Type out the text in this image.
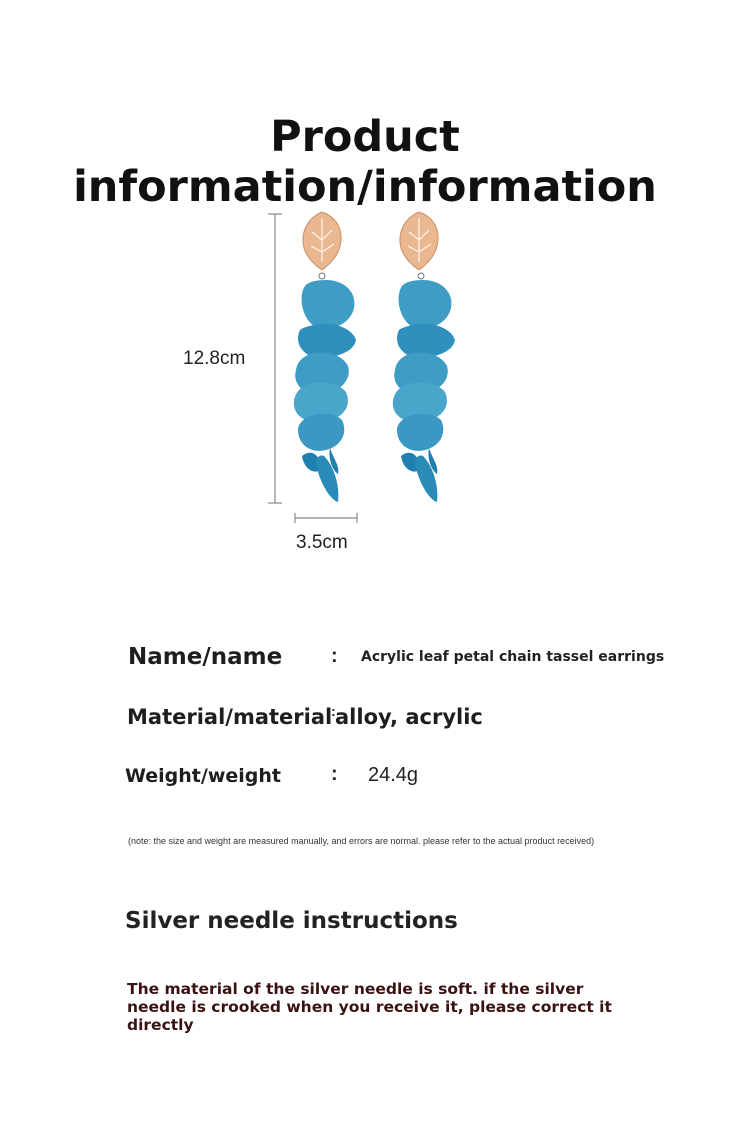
Product information/information
12.8cm
3.5cm
Name/name : Acrylic leaf petal chain tassel earrings
Material/material
: alloy, acrylic
Weight/weight	: 24.4g
(note: the size and weight are measured manually, and errors are normal. please refer to the actual product received)
Silver needle instructions
The material of the silver needle is soft. if the silver needle is crooked when you receive it, please correct it directly
